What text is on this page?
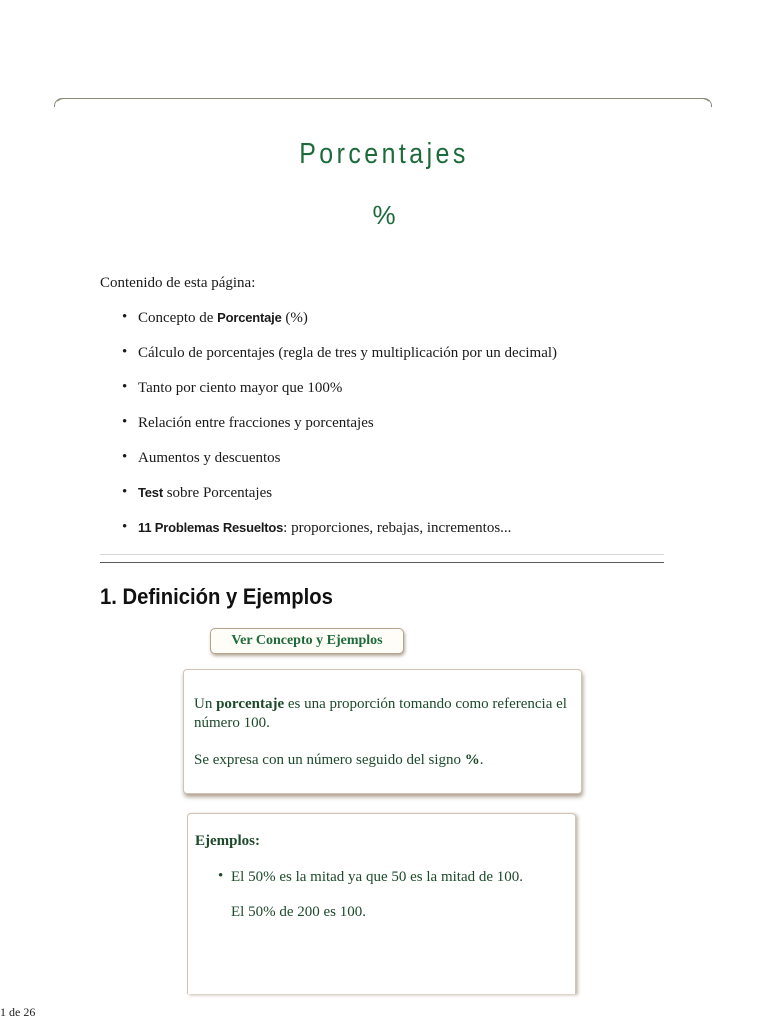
Porcentajes
%
Contenido de esta página:
• Concepto de Porcentaje (%)
• Cálculo de porcentajes (regla de tres y multiplicación por un decimal)
• Tanto por ciento mayor que 100%
• Relación entre fracciones y porcentajes
• Aumentos y descuentos
• Test sobre Porcentajes
• 11 Problemas Resueltos: proporciones, rebajas, incrementos...
1. Definición y Ejemplos
Ver Concepto y Ejemplos

Un porcentaje es una proporción tomando como referencia el número 100.

Se expresa con un número seguido del signo %.

Ejemplos:
• El 50% es la mitad ya que 50 es la mitad de 100.
El 50% de 200 es 100.
1 de 26
